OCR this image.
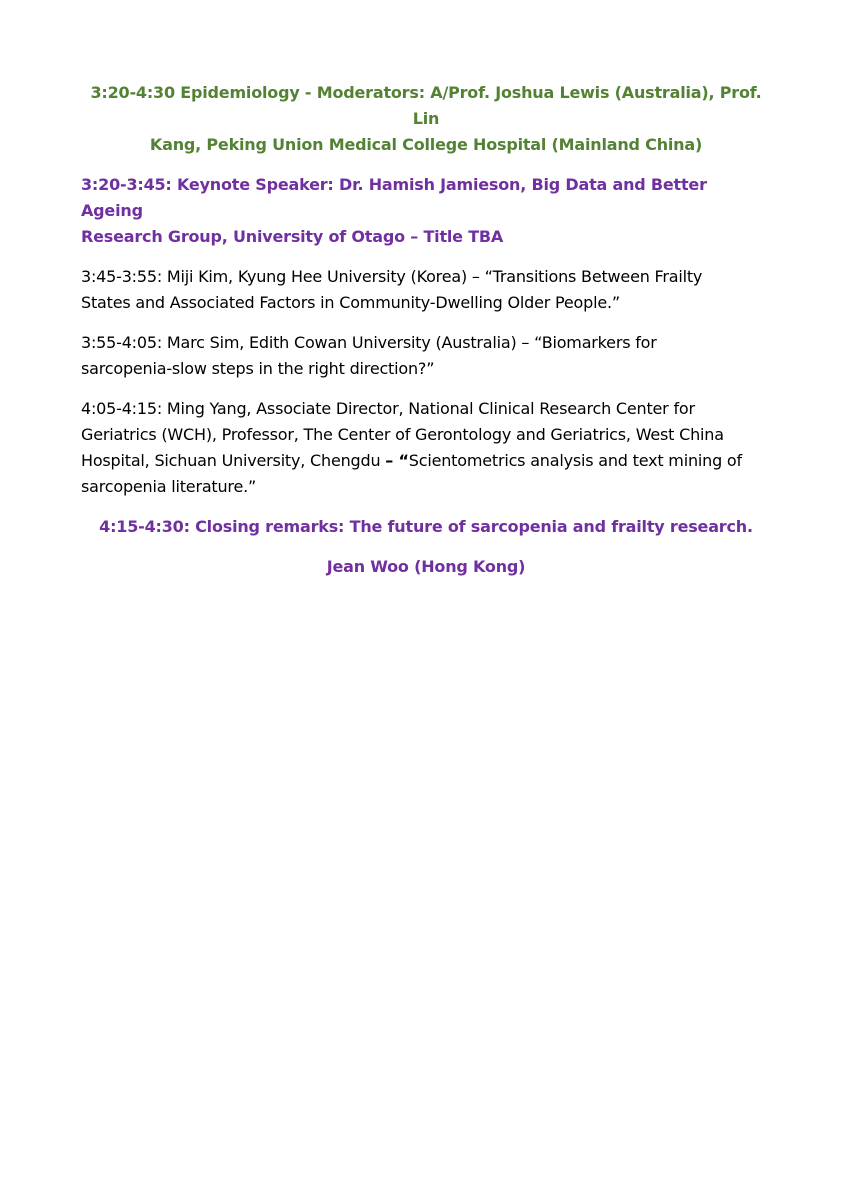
3:20-4:30 Epidemiology - Moderators: A/Prof. Joshua Lewis (Australia), Prof. Lin
Kang, Peking Union Medical College Hospital (Mainland China)
3:20-3:45: Keynote Speaker: Dr. Hamish Jamieson, Big Data and Better Ageing
Research Group, University of Otago – Title TBA
3:45-3:55: Miji Kim, Kyung Hee University (Korea) – “Transitions Between Frailty
States and Associated Factors in Community-Dwelling Older People.”
3:55-4:05: Marc Sim, Edith Cowan University (Australia) – “Biomarkers for
sarcopenia-slow steps in the right direction?”
4:05-4:15: Ming Yang, Associate Director, National Clinical Research Center for
Geriatrics (WCH), Professor, The Center of Gerontology and Geriatrics, West China
Hospital, Sichuan University, Chengdu – “Scientometrics analysis and text mining of
sarcopenia literature.”
4:15-4:30: Closing remarks: The future of sarcopenia and frailty research.
Jean Woo (Hong Kong)
